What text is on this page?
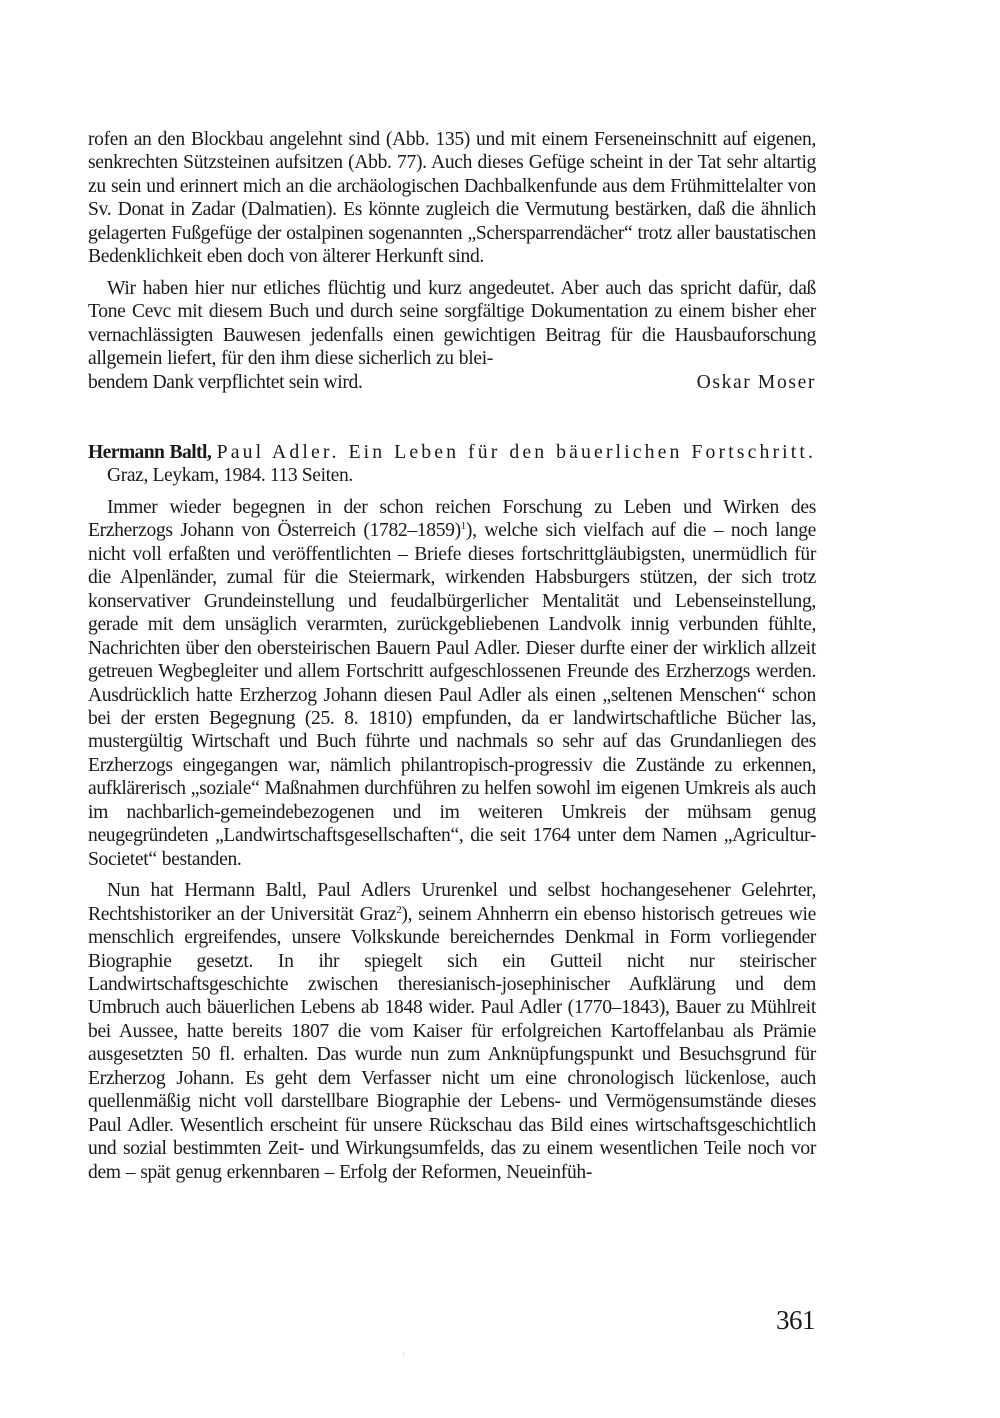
rofen an den Blockbau angelehnt sind (Abb. 135) und mit einem Ferseneinschnitt auf eigenen, senkrechten Sützsteinen aufsitzen (Abb. 77). Auch dieses Gefüge scheint in der Tat sehr altartig zu sein und erinnert mich an die archäologischen Dachbalkenfunde aus dem Frühmittelalter von Sv. Donat in Zadar (Dalmatien). Es könnte zugleich die Vermutung bestärken, daß die ähnlich gelagerten Fußgefüge der ostalpinen sogenannten „Schersparrendächer“ trotz aller baustatischen Bedenklichkeit eben doch von älterer Herkunft sind.

Wir haben hier nur etliches flüchtig und kurz angedeutet. Aber auch das spricht dafür, daß Tone Cevc mit diesem Buch und durch seine sorgfältige Dokumentation zu einem bisher eher vernachlässigten Bauwesen jedenfalls einen gewichtigen Beitrag für die Hausbauforschung allgemein liefert, für den ihm diese sicherlich zu blei-

bendem Dank verpflichtet sein wird.	Oskar Moser

Hermann Baltl, Paul Adler. Ein Leben für den bäuerlichen Fortschritt. Graz, Leykam, 1984. 113 Seiten.

Immer wieder begegnen in der schon reichen Forschung zu Leben und Wirken des Erzherzogs Johann von Österreich (1782–1859)$^1$), welche sich vielfach auf die – noch lange nicht voll erfaßten und veröffentlichten – Briefe dieses fortschrittgläubigsten, unermüdlich für die Alpenländer, zumal für die Steiermark, wirkenden Habsburgers stützen, der sich trotz konservativer Grundeinstellung und feudalbürgerlicher Mentalität und Lebenseinstellung, gerade mit dem unsäglich verarmten, zurückgebliebenen Landvolk innig verbunden fühlte, Nachrichten über den obersteirischen Bauern Paul Adler. Dieser durfte einer der wirklich allzeit getreuen Wegbegleiter und allem Fortschritt aufgeschlossenen Freunde des Erzherzogs werden. Ausdrücklich hatte Erzherzog Johann diesen Paul Adler als einen „seltenen Menschen“ schon bei der ersten Begegnung (25. 8. 1810) empfunden, da er landwirtschaftliche Bücher las, mustergültig Wirtschaft und Buch führte und nachmals so sehr auf das Grundanliegen des Erzherzogs eingegangen war, nämlich philantropisch-progressiv die Zustände zu erkennen, aufklärerisch „soziale“ Maßnahmen durchführen zu helfen sowohl im eigenen Umkreis als auch im nachbarlich-gemeindebezogenen und im weiteren Umkreis der mühsam genug neugegründeten „Landwirtschaftsgesellschaften“, die seit 1764 unter dem Namen „Agricultur-Societet“ bestanden.

Nun hat Hermann Baltl, Paul Adlers Ururenkel und selbst hochangesehener Gelehrter, Rechtshistoriker an der Universität Graz$^2$), seinem Ahnherrn ein ebenso historisch getreues wie menschlich ergreifendes, unsere Volkskunde bereicherndes Denkmal in Form vorliegender Biographie gesetzt. In ihr spiegelt sich ein Gutteil nicht nur steirischer Landwirtschaftsgeschichte zwischen theresianisch-josephinischer Aufklärung und dem Umbruch auch bäuerlichen Lebens ab 1848 wider. Paul Adler (1770–1843), Bauer zu Mühlreit bei Aussee, hatte bereits 1807 die vom Kaiser für erfolgreichen Kartoffelanbau als Prämie ausgesetzten 50 fl. erhalten. Das wurde nun zum Anknüpfungspunkt und Besuchsgrund für Erzherzog Johann. Es geht dem Verfasser nicht um eine chronologisch lückenlose, auch quellenmäßig nicht voll darstellbare Biographie der Lebens- und Vermögensumstände dieses Paul Adler. Wesentlich erscheint für unsere Rückschau das Bild eines wirtschaftsgeschichtlich und sozial bestimmten Zeit- und Wirkungsumfelds, das zu einem wesentlichen Teile noch vor dem – spät genug erkennbaren – Erfolg der Reformen, Neueinfüh-

361
